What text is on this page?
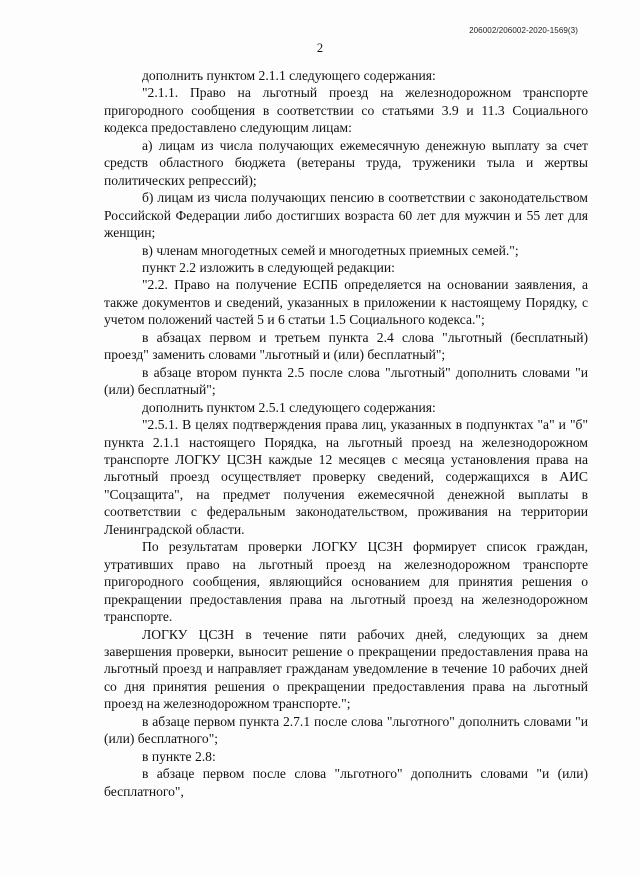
206002/206002-2020-1569(3)
2

дополнить пунктом 2.1.1 следующего содержания:

"2.1.1. Право на льготный проезд на железнодорожном транспорте пригородного сообщения в соответствии со статьями 3.9 и 11.3 Социального кодекса предоставлено следующим лицам:

а) лицам из числа получающих ежемесячную денежную выплату за счет средств областного бюджета (ветераны труда, труженики тыла и жертвы политических репрессий);

б) лицам из числа получающих пенсию в соответствии с законодательством Российской Федерации либо достигших возраста 60 лет для мужчин и 55 лет для женщин;

в) членам многодетных семей и многодетных приемных семей.";

пункт 2.2 изложить в следующей редакции:

"2.2. Право на получение ЕСПБ определяется на основании заявления, а также документов и сведений, указанных в приложении к настоящему Порядку, с учетом положений частей 5 и 6 статьи 1.5 Социального кодекса.";

в абзацах первом и третьем пункта 2.4 слова "льготный (бесплатный) проезд" заменить словами "льготный и (или) бесплатный";

в абзаце втором пункта 2.5 после слова "льготный" дополнить словами "и (или) бесплатный";

дополнить пунктом 2.5.1 следующего содержания:

"2.5.1. В целях подтверждения права лиц, указанных в подпунктах "а" и "б" пункта 2.1.1 настоящего Порядка, на льготный проезд на железнодорожном транспорте ЛОГКУ ЦСЗН каждые 12 месяцев с месяца установления права на льготный проезд осуществляет проверку сведений, содержащихся в АИС "Соцзащита", на предмет получения ежемесячной денежной выплаты в соответствии с федеральным законодательством, проживания на территории Ленинградской области.

По результатам проверки ЛОГКУ ЦСЗН формирует список граждан, утративших право на льготный проезд на железнодорожном транспорте пригородного сообщения, являющийся основанием для принятия решения о прекращении предоставления права на льготный проезд на железнодорожном транспорте.

ЛОГКУ ЦСЗН в течение пяти рабочих дней, следующих за днем завершения проверки, выносит решение о прекращении предоставления права на льготный проезд и направляет гражданам уведомление в течение 10 рабочих дней со дня принятия решения о прекращении предоставления права на льготный проезд на железнодорожном транспорте.";

в абзаце первом пункта 2.7.1 после слова "льготного" дополнить словами "и (или) бесплатного";

в пункте 2.8:

в абзаце первом после слова "льготного" дополнить словами "и (или) бесплатного",
